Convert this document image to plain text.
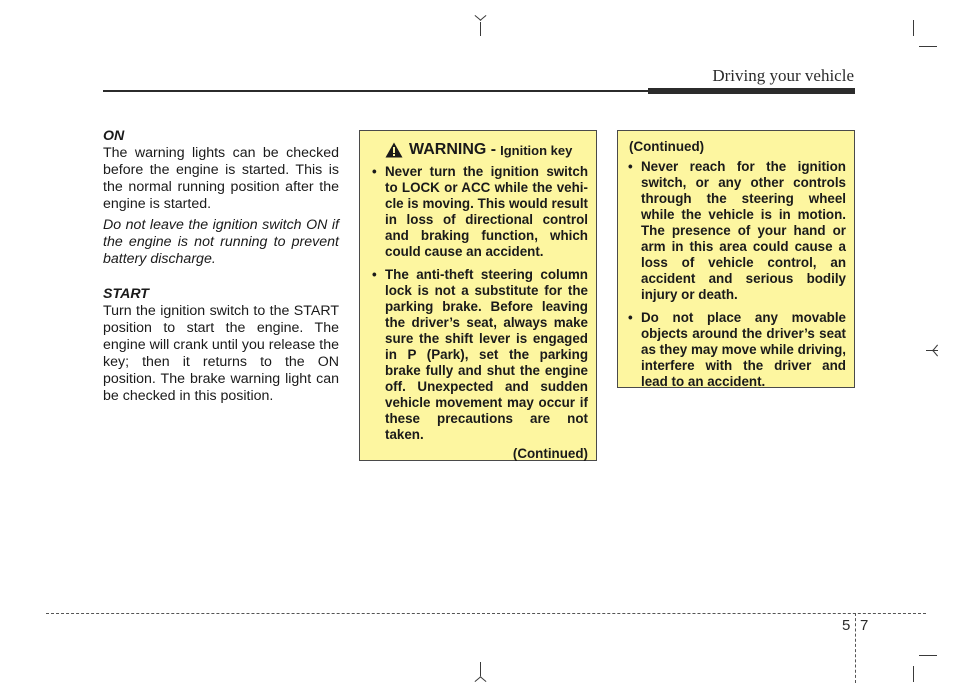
Driving your vehicle

ON

The warning lights can be checked before the engine is started. This is the normal running position after the engine is started.

Do not leave the ignition switch ON if the engine is not running to prevent battery discharge.

START

Turn the ignition switch to the START position to start the engine. The engine will crank until you release the key; then it returns to the ON position. The brake warning light can be checked in this position.

WARNING - Ignition key
• Never turn the ignition switch to LOCK or ACC while the vehicle is moving. This would result in loss of directional control and braking function, which could cause an accident.
• The anti-theft steering column lock is not a substitute for the parking brake. Before leaving the driver’s seat, always make sure the shift lever is engaged in P (Park), set the parking brake fully and shut the engine off. Unexpected and sudden vehicle movement may occur if these precautions are not taken.
(Continued)
(Continued)
• Never reach for the ignition switch, or any other controls through the steering wheel while the vehicle is in motion. The presence of your hand or arm in this area could cause a loss of vehicle control, an accident and serious bodily injury or death.
• Do not place any movable objects around the driver’s seat as they may move while driving, interfere with the driver and lead to an accident.
5 7
